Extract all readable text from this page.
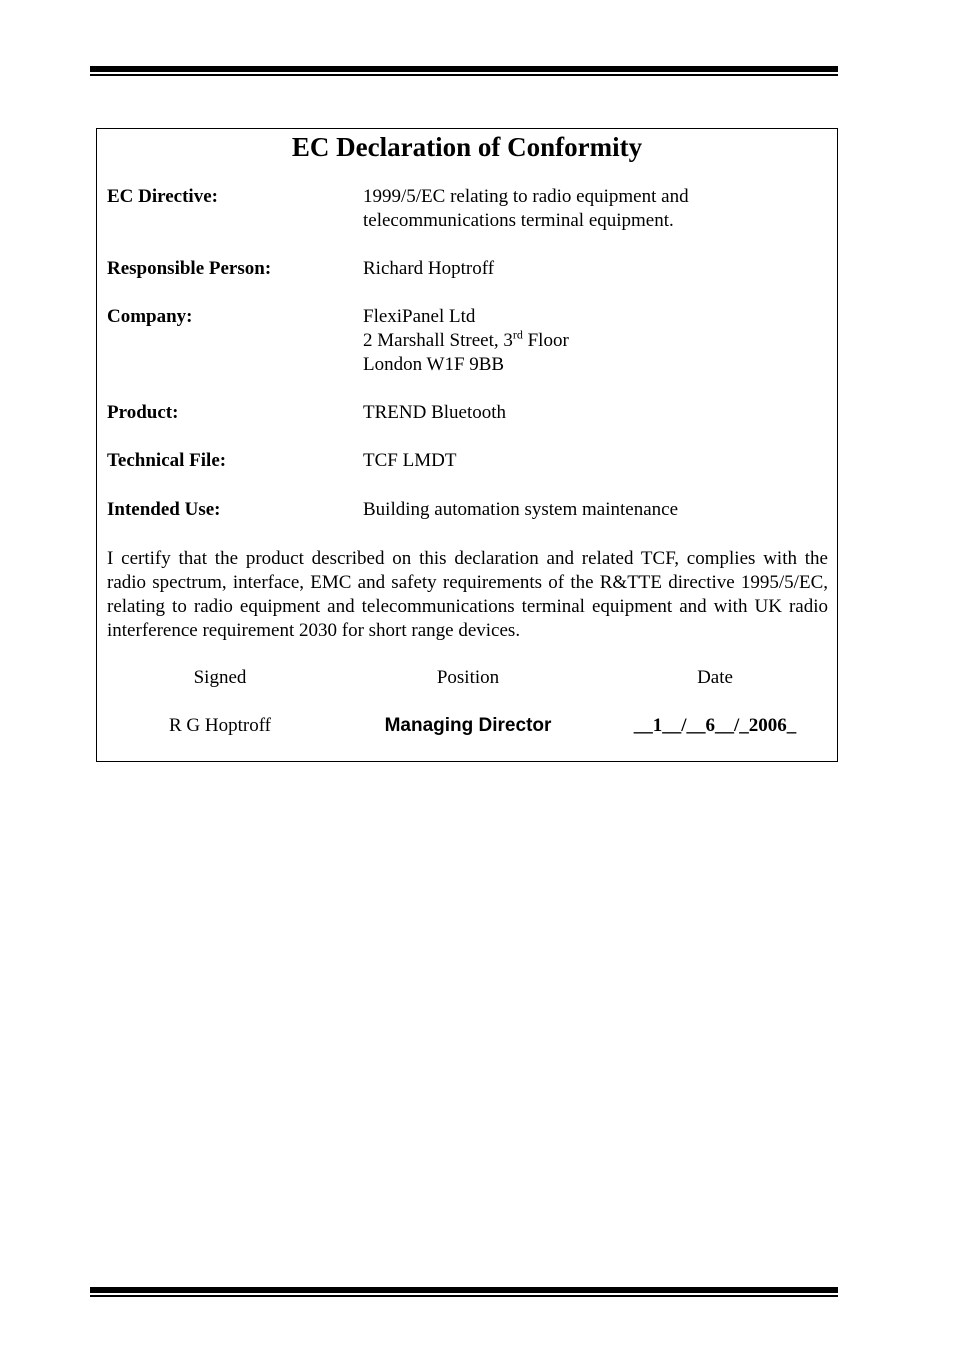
EC Declaration of Conformity
EC Directive:	1999/5/EC relating to radio equipment and
telecommunications terminal equipment.
Responsible Person:	Richard Hoptroff
Company:	FlexiPanel Ltd
2 Marshall Street, 3rd Floor
London W1F 9BB
Product:	TREND Bluetooth
Technical File:	TCF LMDT
Intended Use:	Building automation system maintenance
I certify that the product described on this declaration and related TCF, complies with the radio spectrum, interface, EMC and safety requirements of the R&TTE directive 1995/5/EC, relating to radio equipment and telecommunications terminal equipment and with UK radio interference requirement 2030 for short range devices.
Signed	Position	Date
R G Hoptroff	Managing Director	__1__/__6__/_2006_
